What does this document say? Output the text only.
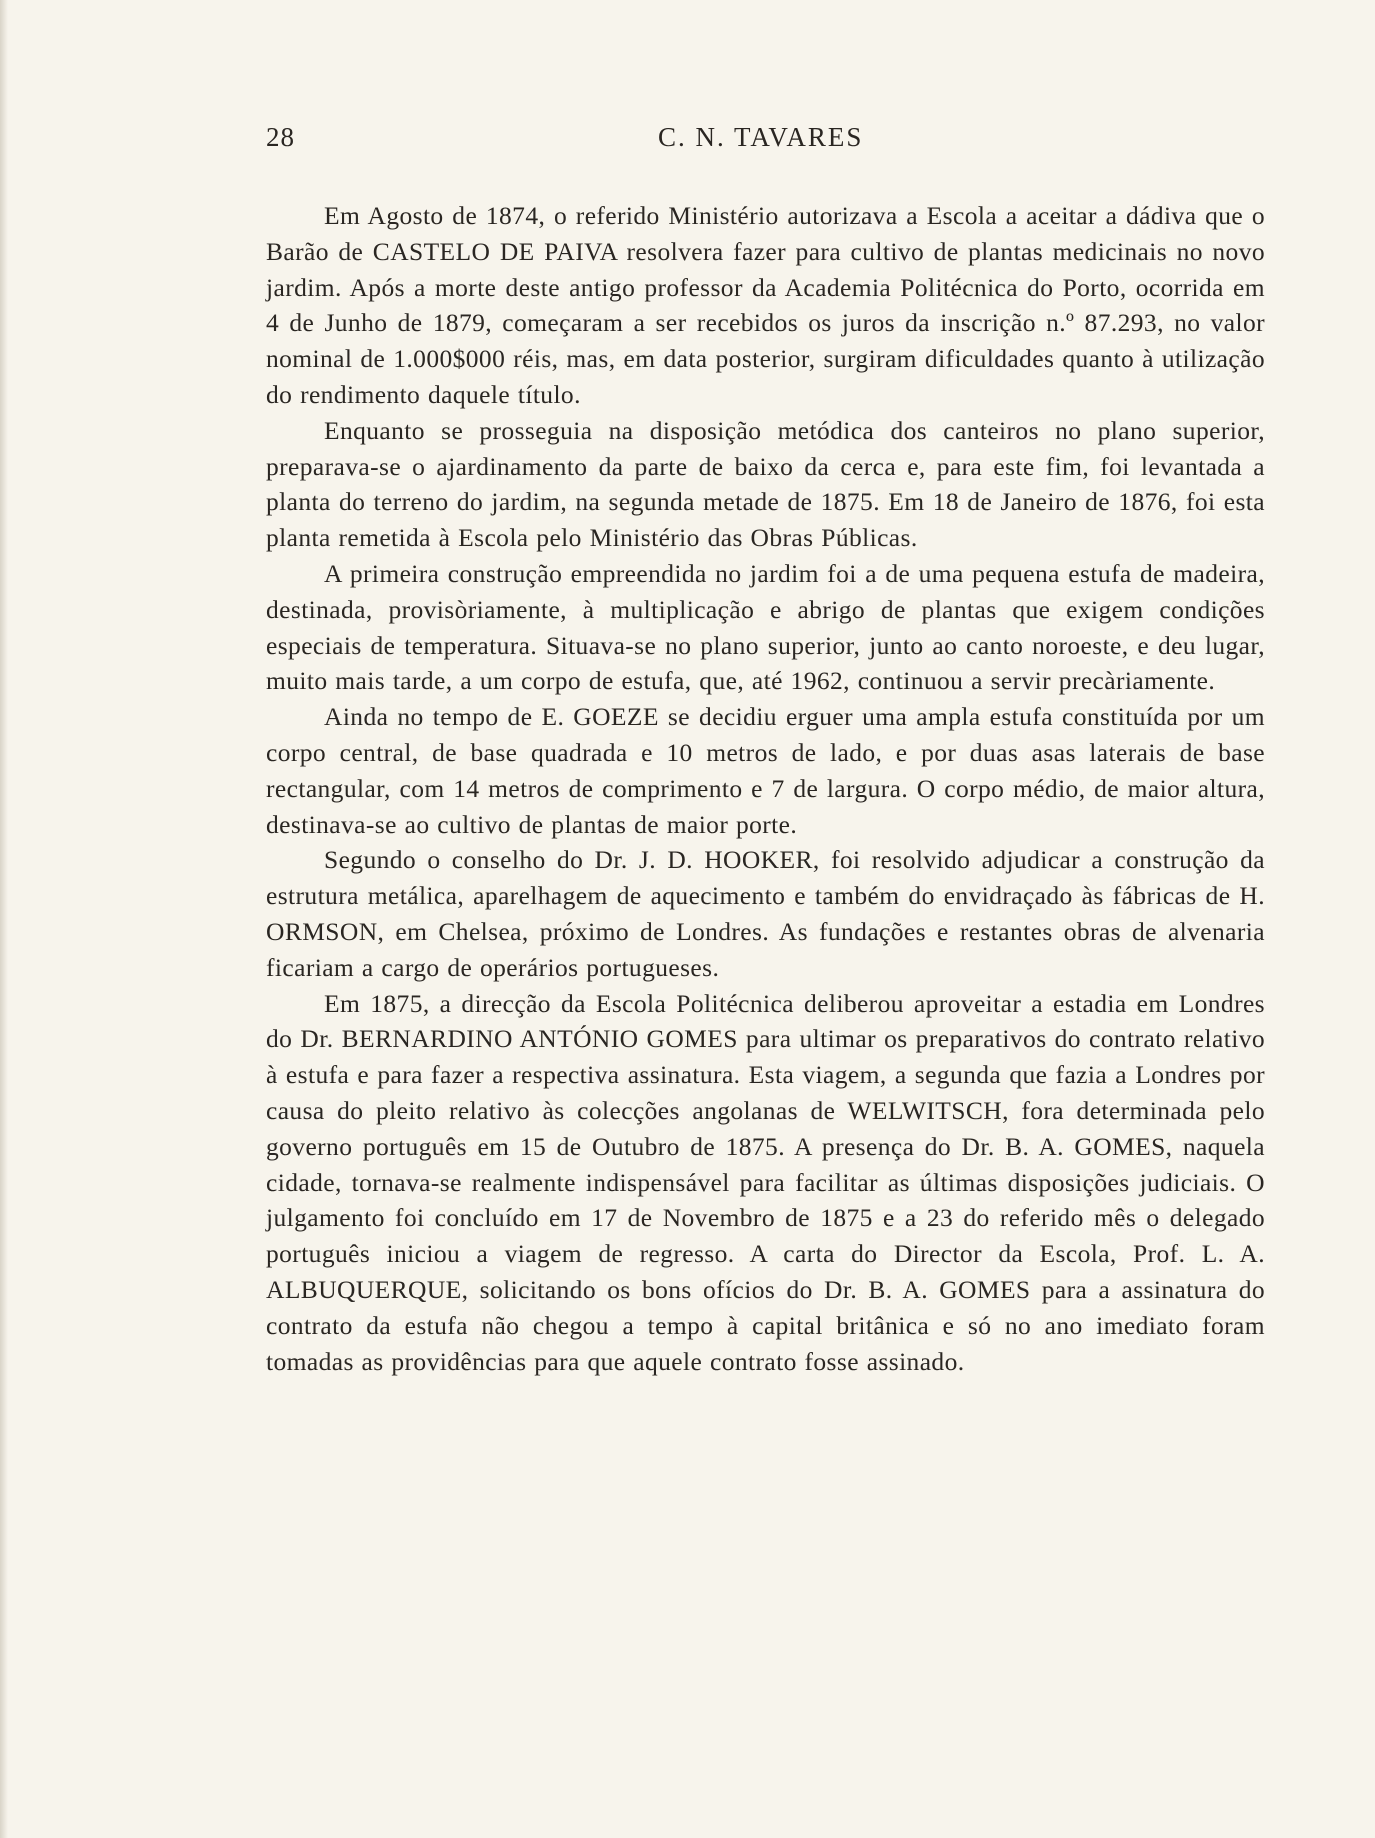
28	C. N. TAVARES

Em Agosto de 1874, o referido Ministério autorizava a Escola a aceitar a dádiva que o Barão de CASTELO DE PAIVA resolvera fazer para cultivo de plantas medicinais no novo jardim. Após a morte deste antigo professor da Academia Politécnica do Porto, ocorrida em 4 de Junho de 1879, começaram a ser recebidos os juros da inscrição n.º 87.293, no valor nominal de 1.000$000 réis, mas, em data posterior, surgiram dificuldades quanto à utilização do rendimento daquele título.

Enquanto se prosseguia na disposição metódica dos canteiros no plano superior, preparava-se o ajardinamento da parte de baixo da cerca e, para este fim, foi levantada a planta do terreno do jardim, na segunda metade de 1875. Em 18 de Janeiro de 1876, foi esta planta remetida à Escola pelo Ministério das Obras Públicas.

A primeira construção empreendida no jardim foi a de uma pequena estufa de madeira, destinada, provisòriamente, à multiplicação e abrigo de plantas que exigem condições especiais de temperatura. Situava-se no plano superior, junto ao canto noroeste, e deu lugar, muito mais tarde, a um corpo de estufa, que, até 1962, continuou a servir precàriamente.

Ainda no tempo de E. GOEZE se decidiu erguer uma ampla estufa constituída por um corpo central, de base quadrada e 10 metros de lado, e por duas asas laterais de base rectangular, com 14 metros de comprimento e 7 de largura. O corpo médio, de maior altura, destinava-se ao cultivo de plantas de maior porte.

Segundo o conselho do Dr. J. D. HOOKER, foi resolvido adjudicar a construção da estrutura metálica, aparelhagem de aquecimento e também do envidraçado às fábricas de H. ORMSON, em Chelsea, próximo de Londres. As fundações e restantes obras de alvenaria ficariam a cargo de operários portugueses.

Em 1875, a direcção da Escola Politécnica deliberou aproveitar a estadia em Londres do Dr. BERNARDINO ANTÓNIO GOMES para ultimar os preparativos do contrato relativo à estufa e para fazer a respectiva assinatura. Esta viagem, a segunda que fazia a Londres por causa do pleito relativo às colecções angolanas de WELWITSCH, fora determinada pelo governo português em 15 de Outubro de 1875. A presença do Dr. B. A. GOMES, naquela cidade, tornava-se realmente indispensável para facilitar as últimas disposições judiciais. O julgamento foi concluído em 17 de Novembro de 1875 e a 23 do referido mês o delegado português iniciou a viagem de regresso. A carta do Director da Escola, Prof. L. A. ALBUQUERQUE, solicitando os bons ofícios do Dr. B. A. GOMES para a assinatura do contrato da estufa não chegou a tempo à capital britânica e só no ano imediato foram tomadas as providências para que aquele contrato fosse assinado.
